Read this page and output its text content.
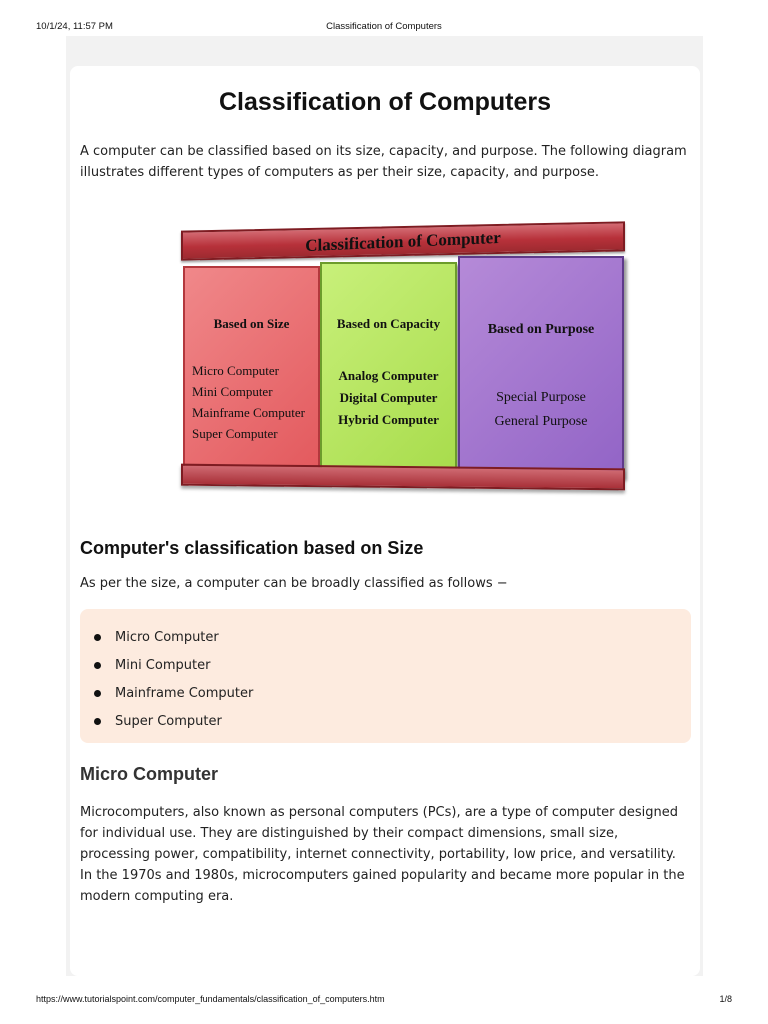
10/1/24, 11:57 PM	Classification of Computers
Classification of Computers

A computer can be classified based on its size, capacity, and purpose. The following diagram illustrates different types of computers as per their size, capacity, and purpose.

Classification of Computer
Based on Size
Micro Computer
Mini Computer
Mainframe Computer
Super Computer
Based on Capacity
Analog Computer
Digital Computer
Hybrid Computer
Based on Purpose
Special Purpose
General Purpose
Computer's classification based on Size

As per the size, a computer can be broadly classified as follows −

Micro Computer
Mini Computer
Mainframe Computer
Super Computer
Micro Computer

Microcomputers, also known as personal computers (PCs), are a type of computer designed for individual use. They are distinguished by their compact dimensions, small size, processing power, compatibility, internet connectivity, portability, low price, and versatility. In the 1970s and 1980s, microcomputers gained popularity and became more popular in the modern computing era.

https://www.tutorialspoint.com/computer_fundamentals/classification_of_computers.htm	1/8
